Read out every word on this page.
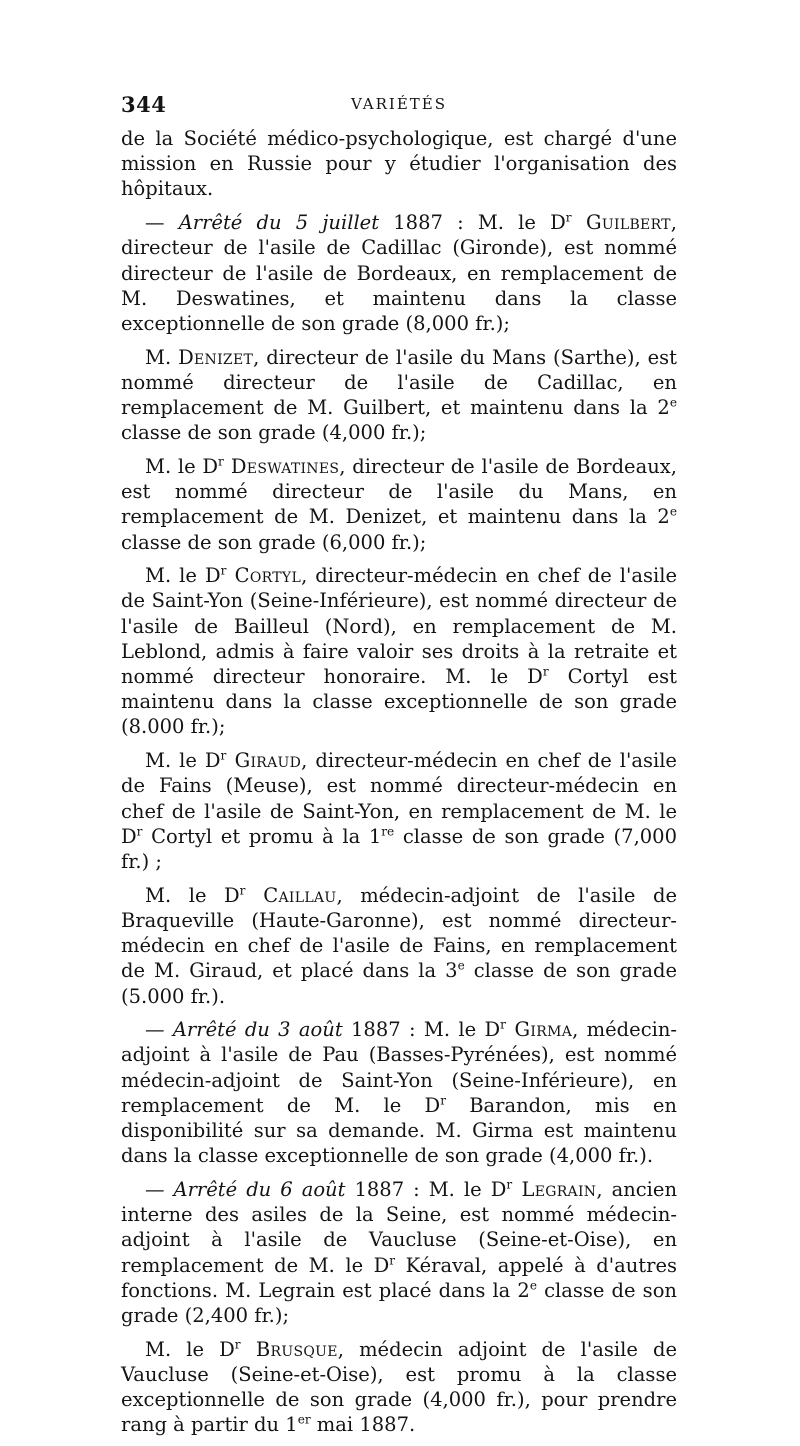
344	VARIÉTÉS

de la Société médico-psychologique, est chargé d'une mission en Russie pour y étudier l'organisation des hôpitaux.

— Arrêté du 5 juillet 1887 : M. le $D^r$ Guilbert, directeur de l'asile de Cadillac (Gironde), est nommé directeur de l'asile de Bordeaux, en remplacement de M. Deswatines, et maintenu dans la classe exceptionnelle de son grade (8,000 fr.);

M. Denizet, directeur de l'asile du Mans (Sarthe), est nommé directeur de l'asile de Cadillac, en remplacement de M. Guilbert, et maintenu dans la 2e classe de son grade (4,000 fr.);

M. le $D^r$ Deswatines, directeur de l'asile de Bordeaux, est nommé directeur de l'asile du Mans, en remplacement de M. Denizet, et maintenu dans la 2e classe de son grade (6,000 fr.);

M. le $D^r$ Cortyl, directeur-médecin en chef de l'asile de Saint-Yon (Seine-Inférieure), est nommé directeur de l'asile de Bailleul (Nord), en remplacement de M. Leblond, admis à faire valoir ses droits à la retraite et nommé directeur honoraire. M. le $D^r$ Cortyl est maintenu dans la classe exceptionnelle de son grade (8.000 fr.);

M. le $D^r$ Giraud, directeur-médecin en chef de l'asile de Fains (Meuse), est nommé directeur-médecin en chef de l'asile de Saint-Yon, en remplacement de M. le $D^r$ Cortyl et promu à la 1re classe de son grade (7,000 fr.) ;

M. le $D^r$ Caillau, médecin-adjoint de l'asile de Braqueville (Haute-Garonne), est nommé directeur-médecin en chef de l'asile de Fains, en remplacement de M. Giraud, et placé dans la 3e classe de son grade (5.000 fr.).

— Arrêté du 3 août 1887 : M. le $D^r$ Girma, médecin-adjoint à l'asile de Pau (Basses-Pyrénées), est nommé médecin-adjoint de Saint-Yon (Seine-Inférieure), en remplacement de M. le $D^r$ Barandon, mis en disponibilité sur sa demande. M. Girma est maintenu dans la classe exceptionnelle de son grade (4,000 fr.).

— Arrêté du 6 août 1887 : M. le $D^r$ Legrain, ancien interne des asiles de la Seine, est nommé médecin-adjoint à l'asile de Vaucluse (Seine-et-Oise), en remplacement de M. le $D^r$ Kéraval, appelé à d'autres fonctions. M. Legrain est placé dans la 2e classe de son grade (2,400 fr.);

M. le $D^r$ Brusque, médecin adjoint de l'asile de Vaucluse (Seine-et-Oise), est promu à la classe exceptionnelle de son grade (4,000 fr.), pour prendre rang à partir du 1er mai 1887.
